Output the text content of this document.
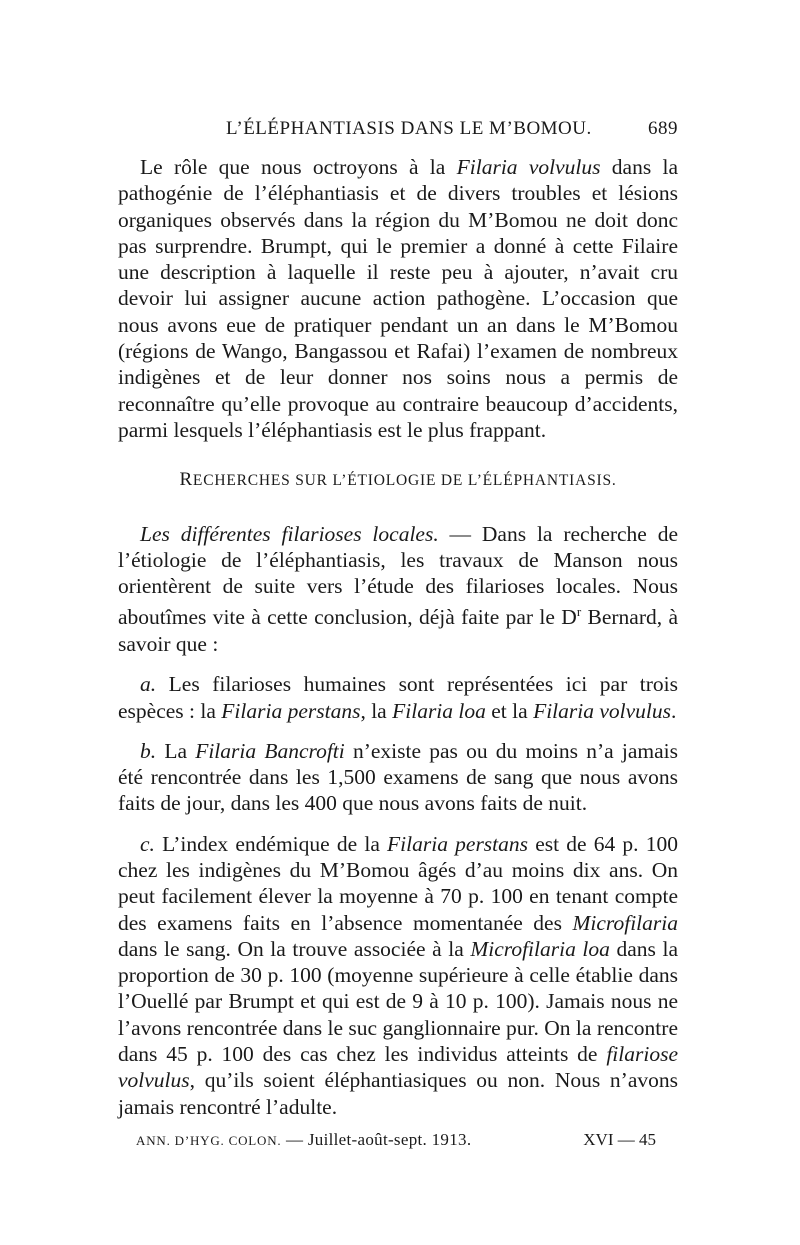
L’ÉLÉPHANTIASIS DANS LE M’BOMOU.	689

Le rôle que nous octroyons à la Filaria volvulus dans la pathogénie de l’éléphantiasis et de divers troubles et lésions organiques observés dans la région du M’Bomou ne doit donc pas surprendre. Brumpt, qui le premier a donné à cette Filaire une description à laquelle il reste peu à ajouter, n’avait cru devoir lui assigner aucune action pathogène. L’occasion que nous avons eue de pratiquer pendant un an dans le M’Bomou (régions de Wango, Bangassou et Rafai) l’examen de nombreux indigènes et de leur donner nos soins nous a permis de reconnaître qu’elle provoque au contraire beaucoup d’accidents, parmi lesquels l’éléphantiasis est le plus frappant.

RECHERCHES SUR L’ÉTIOLOGIE DE L’ÉLÉPHANTIASIS.

Les différentes filarioses locales. — Dans la recherche de l’étiologie de l’éléphantiasis, les travaux de Manson nous orientèrent de suite vers l’étude des filarioses locales. Nous aboutîmes vite à cette conclusion, déjà faite par le $D^r$ Bernard, à savoir que :

a. Les filarioses humaines sont représentées ici par trois espèces : la Filaria perstans, la Filaria loa et la Filaria volvulus.

b. La Filaria Bancrofti n’existe pas ou du moins n’a jamais été rencontrée dans les 1,500 examens de sang que nous avons faits de jour, dans les 400 que nous avons faits de nuit.

c. L’index endémique de la Filaria perstans est de 64 p. 100 chez les indigènes du M’Bomou âgés d’au moins dix ans. On peut facilement élever la moyenne à 70 p. 100 en tenant compte des examens faits en l’absence momentanée des Microfilaria dans le sang. On la trouve associée à la Microfilaria loa dans la proportion de 30 p. 100 (moyenne supérieure à celle établie dans l’Ouellé par Brumpt et qui est de 9 à 10 p. 100). Jamais nous ne l’avons rencontrée dans le suc ganglionnaire pur. On la rencontre dans 45 p. 100 des cas chez les individus atteints de filariose volvulus, qu’ils soient éléphantiasiques ou non. Nous n’avons jamais rencontré l’adulte.

ANN. D’HYG. COLON. — Juillet-août-sept. 1913.	XVI — 45
